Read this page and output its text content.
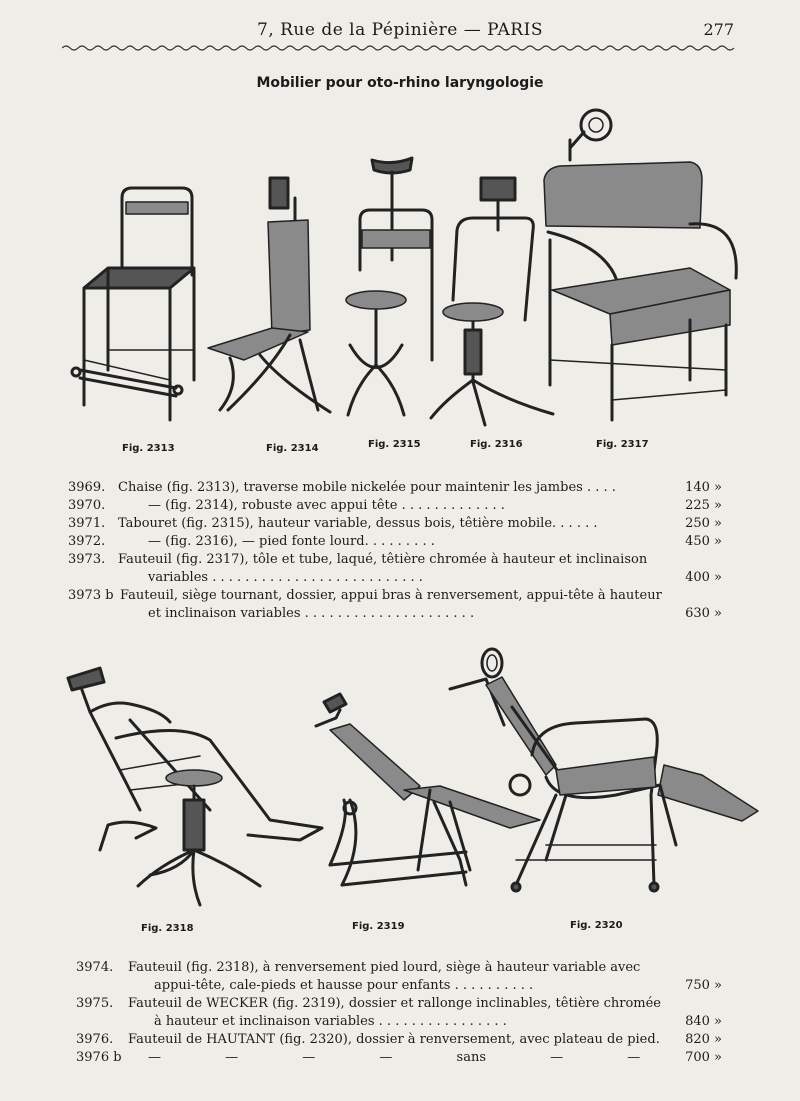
7, Rue de la Pépinière — PARIS	277
Mobilier pour oto-rhino laryngologie
Fig. 2313	Fig. 2314	Fig. 2315	Fig. 2316	Fig. 2317
3969. Chaise (fig. 2313), traverse mobile nickelée pour maintenir les jambes . . . .	140 »
3970.	— (fig. 2314), robuste avec appui tête . . . . . . . . . . . . .	225 »
3971. Tabouret (fig. 2315), hauteur variable, dessus bois, têtière mobile. . . . . .	250 »
3972.	— (fig. 2316), — pied fonte lourd. . . . . . . . .	450 »
3973. Fauteuil (fig. 2317), tôle et tube, laqué, têtière chromée à hauteur et inclinaison
variables . . . . . . . . . . . . . . . . . . . . . . . . . .	400 »
3973 b Fauteuil, siège tournant, dossier, appui bras à renversement, appui-tête à hauteur
et inclinaison variables . . . . . . . . . . . . . . . . . . . . .	630 »
Fig. 2318	Fig. 2319	Fig. 2320
3974. Fauteuil (fig. 2318), à renversement pied lourd, siège à hauteur variable avec
appui-tête, cale-pieds et hausse pour enfants . . . . . . . . . .	750 »
3975. Fauteuil de WECKER (fig. 2319), dossier et rallonge inclinables, têtière chromée
à hauteur et inclinaison variables . . . . . . . . . . . . . . . .	840 »
3976. Fauteuil de HAUTANT (fig. 2320), dossier à renversement, avec plateau de pied. 820 »
3976 b — — — — sans — —	700 »
